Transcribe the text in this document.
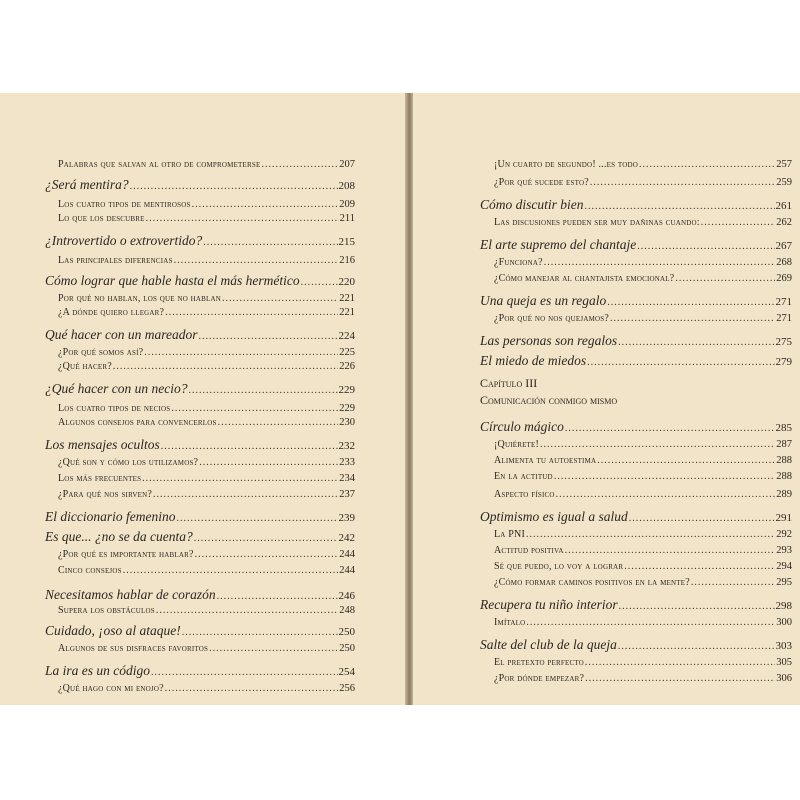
Palabras que salvan al otro de comprometerse .....	207
¿Será mentira? .....	208
Los cuatro tipos de mentirosos .....	209
Lo que los descubre .....	211
¿Introvertido o extrovertido? .....	215
Las principales diferencias .....	216
Cómo lograr que hable hasta el más hermético .....	220
Por qué no hablan, los que no hablan .....	221
¿A dónde quiero llegar? .....	221
Qué hacer con un mareador .....	224
¿Por qué somos así? .....	225
¿Qué hacer? .....	226
¿Qué hacer con un necio? .....	229
Los cuatro tipos de necios .....	229
Algunos consejos para convencerlos .....	230
Los mensajes ocultos .....	232
¿Qué son y cómo los utilizamos? .....	233
Los más frecuentes .....	234
¿Para qué nos sirven? .....	237
El diccionario femenino .....	239
Es que... ¿no se da cuenta? .....	242
¿Por qué es importante hablar? .....	244
Cinco consejos .....	244
Necesitamos hablar de corazón .....	246
Supera los obstáculos .....	248
Cuidado, ¡oso al ataque! .....	250
Algunos de sus disfraces favoritos .....	250
La ira es un código .....	254
¿Qué hago con mi enojo? .....	256
¡Un cuarto de segundo! ...es todo .....	257
¿Por qué sucede esto? .....	259
Cómo discutir bien .....	261
Las discusiones pueden ser muy dañinas cuando: .....	262
El arte supremo del chantaje .....	267
¿Funciona? .....	268
¿Cómo manejar al chantajista emocional? .....	269
Una queja es un regalo .....	271
¿Por qué no nos quejamos? .....	271
Las personas son regalos .....	275
El miedo de miedos .....	279
Capítulo III
Comunicación conmigo mismo
Círculo mágico .....	285
¡Quiérete! .....	287
Alimenta tu autoestima .....	288
En la actitud .....	288
Aspecto físico .....	289
Optimismo es igual a salud .....	291
La PNI .....	292
Actitud positiva .....	293
Sé que puedo, lo voy a lograr .....	294
¿Cómo formar caminos positivos en la mente? .....	295
Recupera tu niño interior .....	298
Imítalo .....	300
Salte del club de la queja .....	303
El pretexto perfecto .....	305
¿Por dónde empezar? .....	306
